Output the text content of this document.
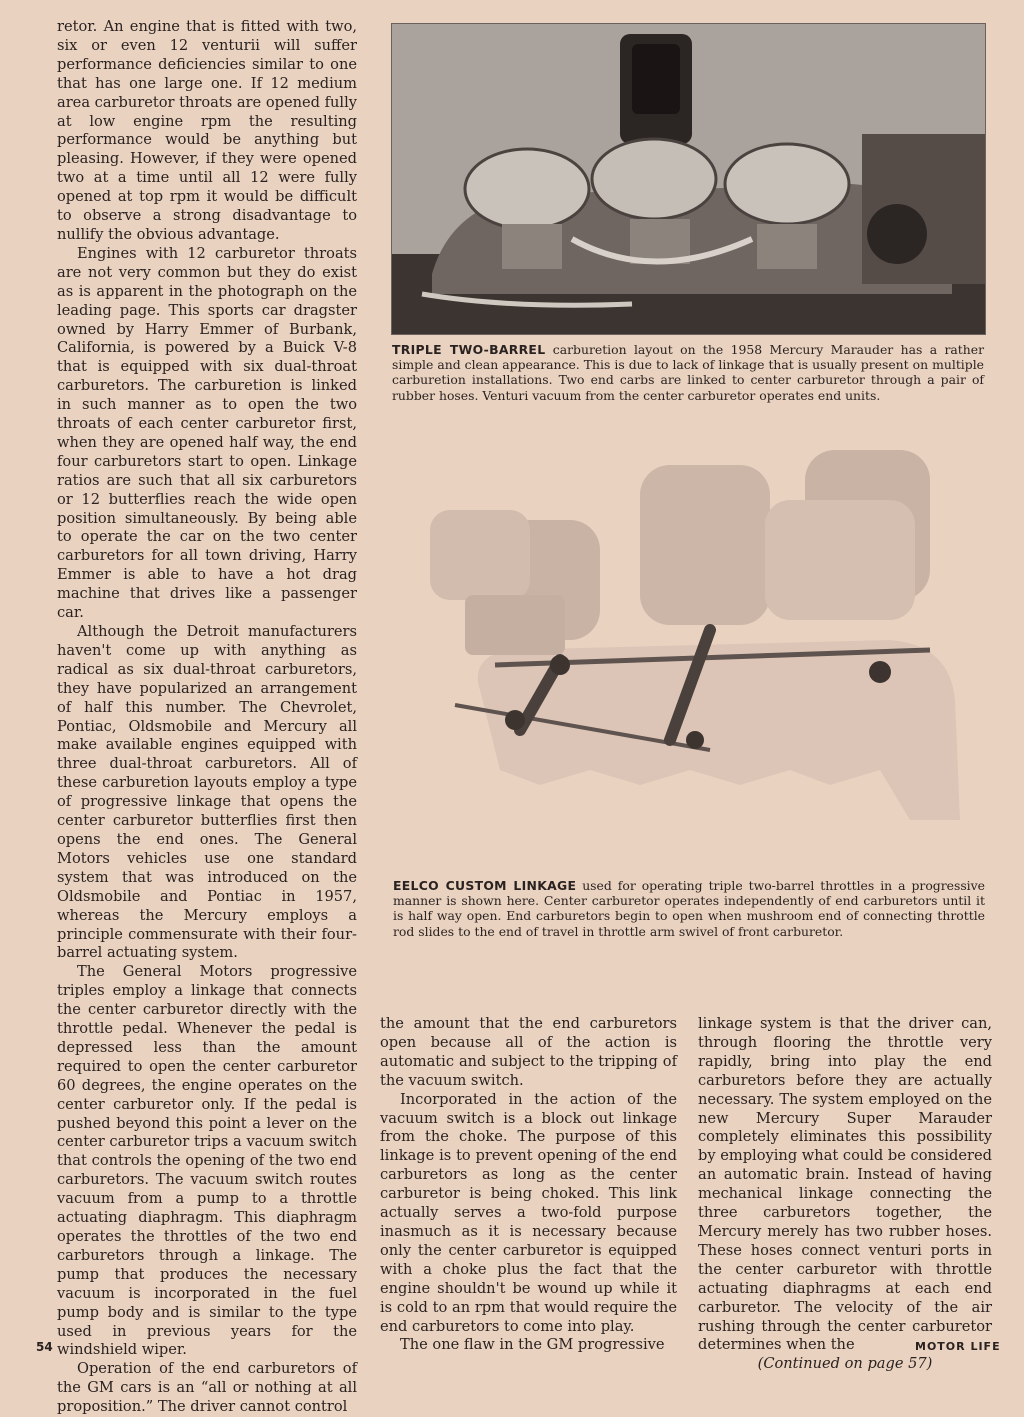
retor. An engine that is fitted with two, six or even 12 venturii will suffer performance deficiencies similar to one that has one large one. If 12 medium area carburetor throats are opened fully at low engine rpm the resulting performance would be anything but pleasing. However, if they were opened two at a time until all 12 were fully opened at top rpm it would be difficult to observe a strong disadvantage to nullify the obvious advantage.

Engines with 12 carburetor throats are not very common but they do exist as is apparent in the photograph on the leading page. This sports car dragster owned by Harry Emmer of Burbank, California, is powered by a Buick V-8 that is equipped with six dual-throat carburetors. The carburetion is linked in such manner as to open the two throats of each center carburetor first, when they are opened half way, the end four carburetors start to open. Linkage ratios are such that all six carburetors or 12 butterflies reach the wide open position simultaneously. By being able to operate the car on the two center carburetors for all town driving, Harry Emmer is able to have a hot drag machine that drives like a passenger car.

Although the Detroit manufacturers haven't come up with anything as radical as six dual-throat carburetors, they have popularized an arrangement of half this number. The Chevrolet, Pontiac, Oldsmobile and Mercury all make available engines equipped with three dual-throat carburetors. All of these carburetion layouts employ a type of progressive linkage that opens the center carburetor butterflies first then opens the end ones. The General Motors vehicles use one standard system that was introduced on the Oldsmobile and Pontiac in 1957, whereas the Mercury employs a principle commensurate with their four-barrel actuating system.

The General Motors progressive triples employ a linkage that connects the center carburetor directly with the throttle pedal. Whenever the pedal is depressed less than the amount required to open the center carburetor 60 degrees, the engine operates on the center carburetor only. If the pedal is pushed beyond this point a lever on the center carburetor trips a vacuum switch that controls the opening of the two end carburetors. The vacuum switch routes vacuum from a pump to a throttle actuating diaphragm. This diaphragm operates the throttles of the two end carburetors through a linkage. The pump that produces the necessary vacuum is incorporated in the fuel pump body and is similar to the type used in previous years for the windshield wiper.

Operation of the end carburetors of the GM cars is an “all or nothing at all proposition.” The driver cannot control

TRIPLE TWO-BARREL carburetion layout on the 1958 Mercury Marauder has a rather simple and clean appearance. This is due to lack of linkage that is usually present on multiple carburetion installations. Two end carbs are linked to center carburetor through a pair of rubber hoses. Venturi vacuum from the center carburetor operates end units.
EELCO CUSTOM LINKAGE used for operating triple two-barrel throttles in a progressive manner is shown here. Center carburetor operates independently of end carburetors until it is half way open. End carburetors begin to open when mushroom end of connecting throttle rod slides to the end of travel in throttle arm swivel of front carburetor.

the amount that the end carburetors open because all of the action is automatic and subject to the tripping of the vacuum switch.

Incorporated in the action of the vacuum switch is a block out linkage from the choke. The purpose of this linkage is to prevent opening of the end carburetors as long as the center carburetor is being choked. This link actually serves a two-fold purpose inasmuch as it is necessary because only the center carburetor is equipped with a choke plus the fact that the engine shouldn't be wound up while it is cold to an rpm that would require the end carburetors to come into play.

The one flaw in the GM progressive

linkage system is that the driver can, through flooring the throttle very rapidly, bring into play the end carburetors before they are actually necessary. The system employed on the new Mercury Super Marauder completely eliminates this possibility by employing what could be considered an automatic brain. Instead of having mechanical linkage connecting the three carburetors together, the Mercury merely has two rubber hoses. These hoses connect venturi ports in the center carburetor with throttle actuating diaphragms at each end carburetor. The velocity of the air rushing through the center carburetor determines when the

(Continued on page 57)

54	MOTOR LIFE
